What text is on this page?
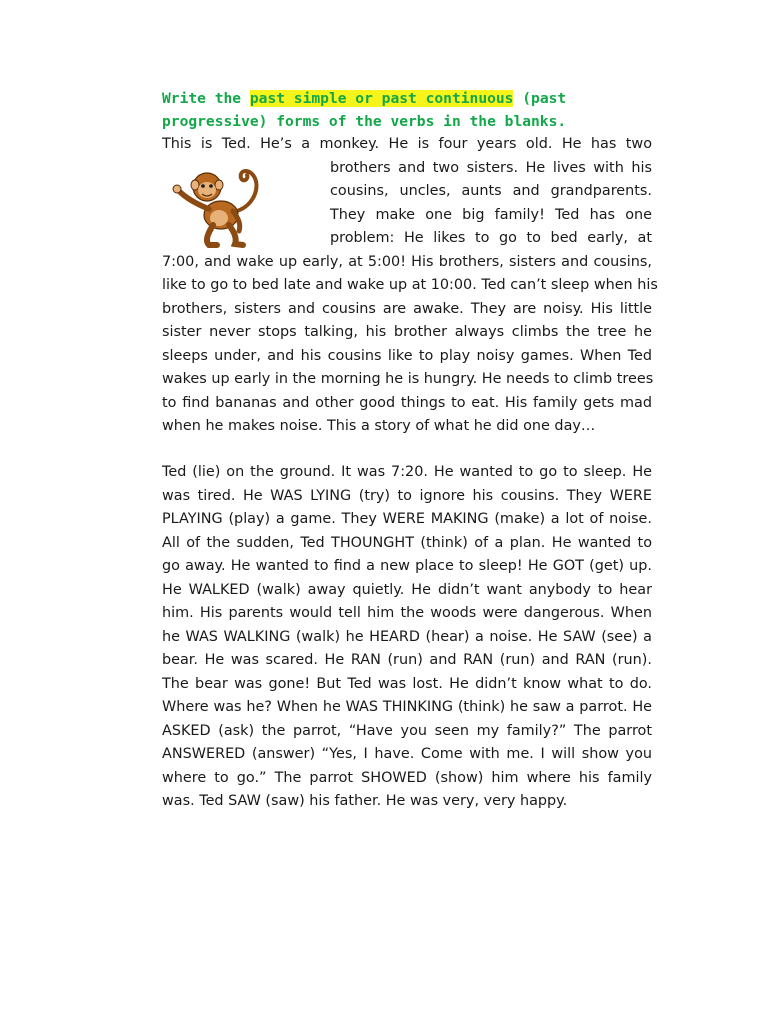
Write the past simple or past continuous (past progressive) forms of the verbs in the blanks.

This is Ted. He’s a monkey. He is four years old. He has two
brothers and two sisters. He lives with his
cousins, uncles, aunts and grandparents.
They make one big family! Ted has one
problem: He likes to go to bed early, at
7:00, and wake up early, at 5:00! His brothers, sisters and cousins,
like to go to bed late and wake up at 10:00. Ted can’t sleep when his
brothers, sisters and cousins are awake. They are noisy. His little
sister never stops talking, his brother always climbs the tree he
sleeps under, and his cousins like to play noisy games. When Ted
wakes up early in the morning he is hungry. He needs to climb trees
to find bananas and other good things to eat. His family gets mad
when he makes noise. This a story of what he did one day…

Ted (lie) on the ground. It was 7:20. He wanted to go to sleep. He was tired. He WAS LYING (try) to ignore his cousins. They WERE PLAYING (play) a game. They WERE MAKING (make) a lot of noise. All of the sudden, Ted THOUNGHT (think) of a plan. He wanted to go away. He wanted to find a new place to sleep! He GOT (get) up. He WALKED (walk) away quietly. He didn’t want anybody to hear him. His parents would tell him the woods were dangerous. When he WAS WALKING (walk) he HEARD (hear) a noise. He SAW (see) a bear. He was scared. He RAN (run) and RAN (run) and RAN (run). The bear was gone! But Ted was lost. He didn’t know what to do. Where was he? When he WAS THINKING (think) he saw a parrot. He ASKED (ask) the parrot, “Have you seen my family?” The parrot ANSWERED (answer) “Yes, I have. Come with me. I will show you where to go.” The parrot SHOWED (show) him where his family was. Ted SAW (saw) his father. He was very, very happy.
